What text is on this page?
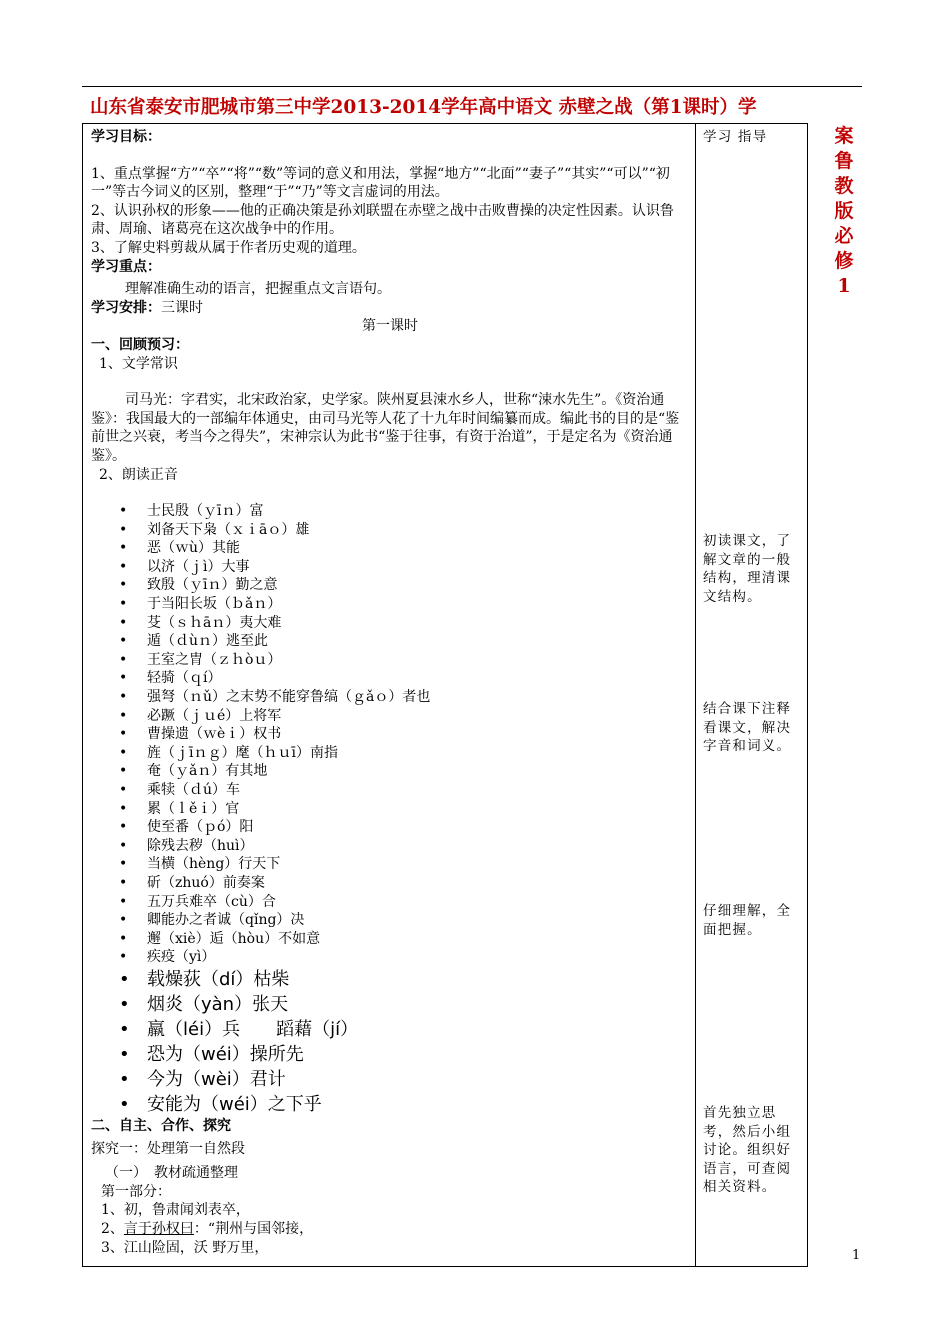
山东省泰安市肥城市第三中学2013-2014学年高中语文 赤壁之战（第1课时）学
案
鲁
教
版
必
修
1

学习目标：

1、重点掌握“方”“卒”“将”“数”等词的意义和用法，掌握“地方”“北面”“妻子”“其实”“可以”“初一”等古今词义的区别，整理“于”“乃”等文言虚词的用法。

2、认识孙权的形象——他的正确决策是孙刘联盟在赤壁之战中击败曹操的决定性因素。认识鲁肃、周瑜、诸葛亮在这次战争中的作用。

3、了解史料剪裁从属于作者历史观的道理。

学习重点：

理解准确生动的语言，把握重点文言语句。

学习安排：三课时

第一课时

一、回顾预习：

1、文学常识

司马光：字君实，北宋政治家，史学家。陕州夏县涑水乡人，世称“涑水先生”。《资治通鉴》：我国最大的一部编年体通史，由司马光等人花了十九年时间编纂而成。编此书的目的是“鉴前世之兴衰，考当今之得失”，宋神宗认为此书“鉴于往事，有资于治道”，于是定名为《资治通鉴》。

2、朗读正音

• 士民殷（ｙīｎ）富
• 刘备天下枭（ｘｉāｏ）雄
• 恶（ｗù）其能
• 以济（ｊì）大事
• 致殷（ｙīｎ）勤之意
• 于当阳长坂（ｂǎｎ）
• 芟（ｓｈāｎ）夷大难
• 遁（ｄùｎ）逃至此
• 王室之胄（ｚｈòｕ）
• 轻骑（ｑí）
• 强弩（ｎǔ）之末势不能穿鲁缟（ｇǎｏ）者也
• 必蹶（ｊｕé）上将军
• 曹操遗（ｗèｉ）权书
• 旌（ｊīｎｇ）麾（ｈｕī）南指
• 奄（ｙǎｎ）有其地
• 乘犊（ｄú）车
• 累（ｌěｉ）官
• 使至番（ｐó）阳
• 除残去秽（huì）
• 当横（hèng）行天下
• 斫（zhuó）前奏案
• 五万兵难卒（cù）合
• 卿能办之者诚（qǐng）决
• 邂（xiè）逅（hòu）不如意
• 疾疫（yì）
• 载燥荻（dí）枯柴
• 烟炎（yàn）张天
• 羸（léi）兵　　蹈藉（jí）
• 恐为（wéi）操所先
• 今为（wèi）君计
• 安能为（wéi）之下乎

二、自主、合作、探究

探究一：处理第一自然段

（一）　教材疏通整理

第一部分：

1、初，鲁肃闻刘表卒，

2、言于孙权曰：“荆州与国邻接，

3、江山险固，沃 野万里，

学习 指导
初读课文，了解文章的一般结构，理清课文结构。
结合课下注释看课文，解决字音和词义。
仔细理解，全面把握。
首先独立思考，然后小组讨论。组织好语言，可查阅相关资料。
1
